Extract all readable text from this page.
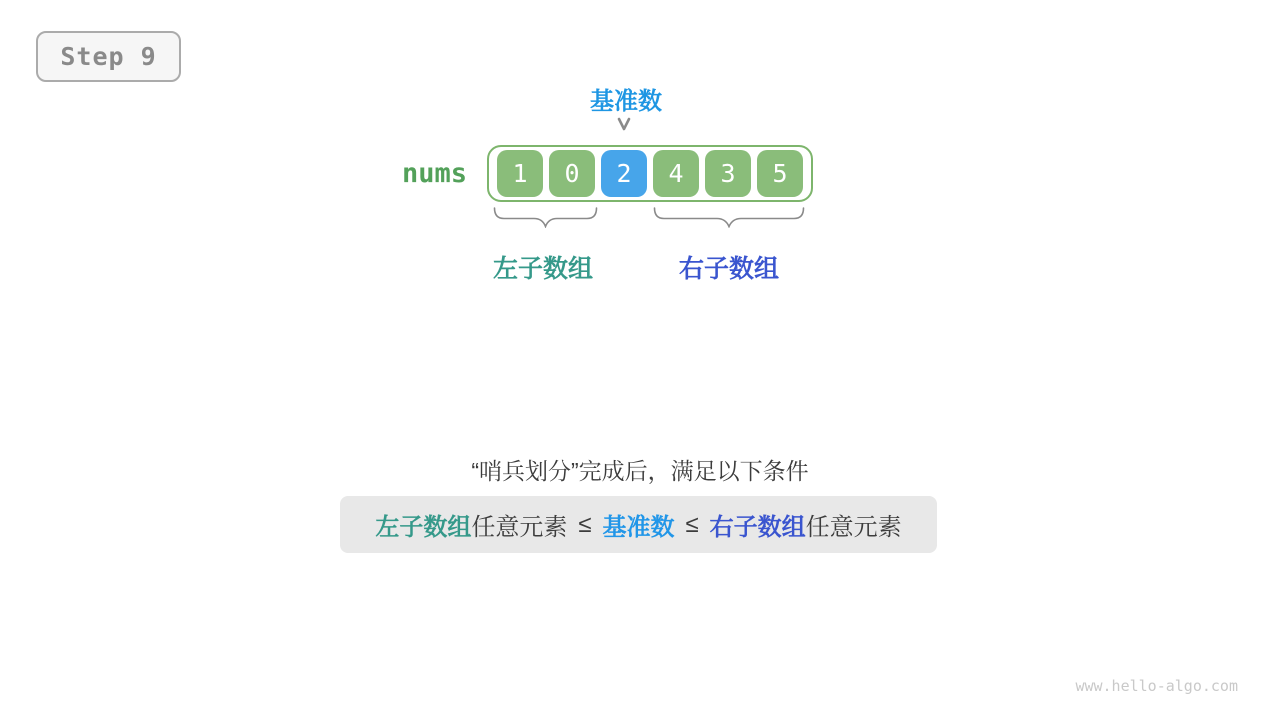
Step 9
基准数
nums	1	0	2	4	3	5
左子数组	右子数组
“哨兵划分”完成后，满足以下条件
左子数组 任意元素 ≤ 基准数 ≤ 右子数组 任意元素
www.hello-algo.com
